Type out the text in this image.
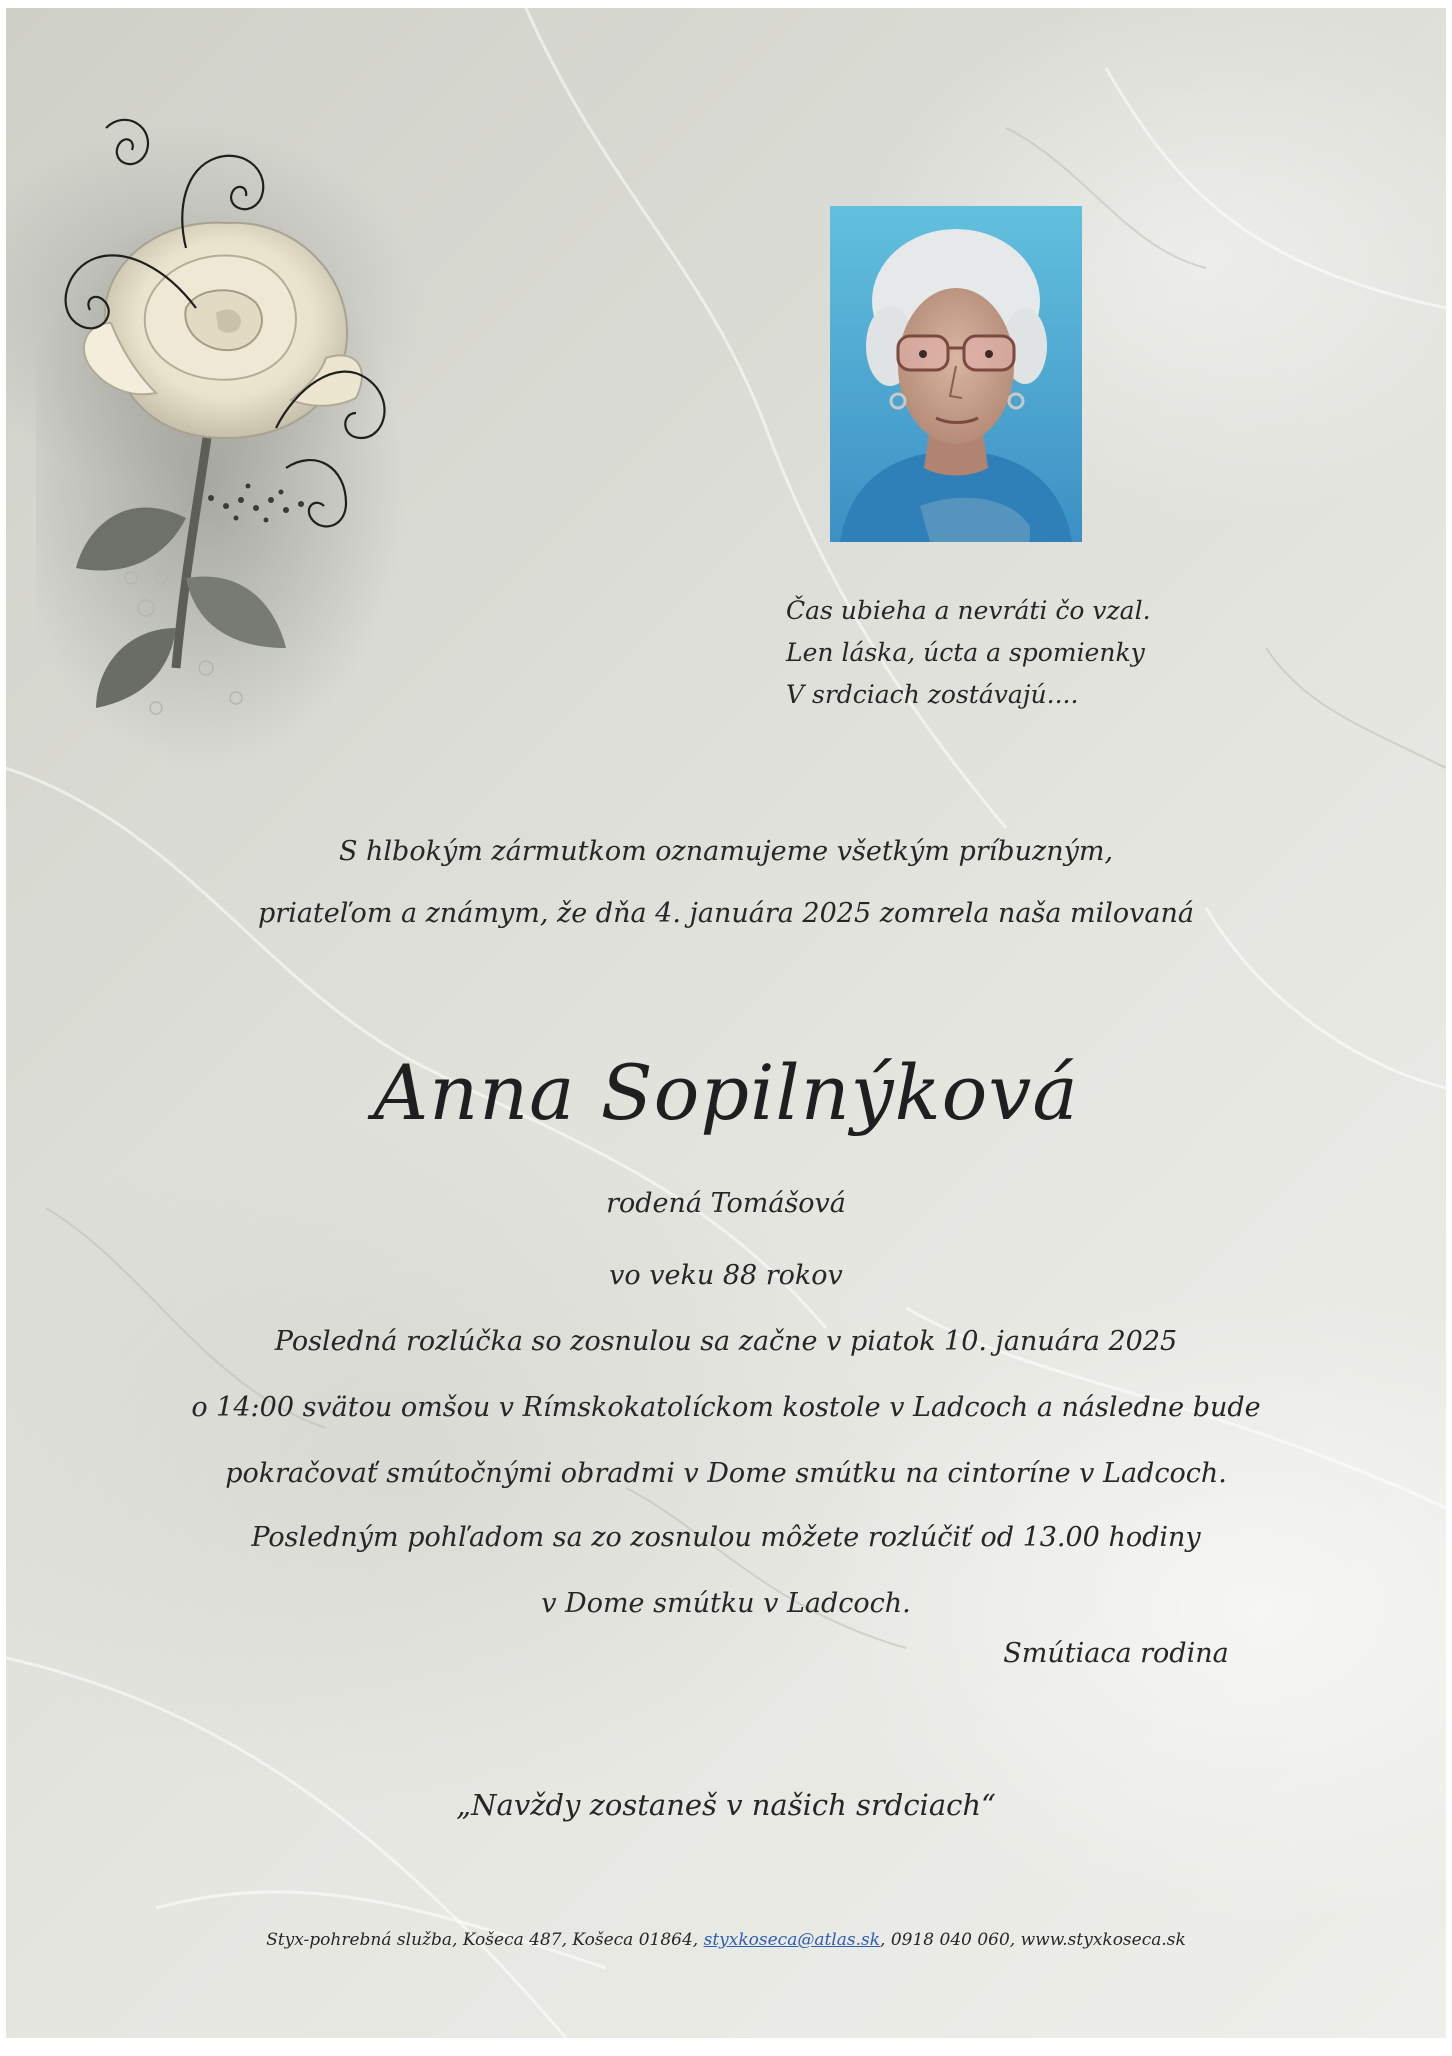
Čas ubieha a nevráti čo vzal.
Len láska, úcta a spomienky
V srdciach zostávajú....
S hlbokým zármutkom oznamujeme všetkým príbuzným,
priateľom a známym, že dňa 4. januára 2025 zomrela naša milovaná
Anna Sopilnýková
rodená Tomášová
vo veku 88 rokov
Posledná rozlúčka so zosnulou sa začne v piatok 10. januára 2025
o 14:00 svätou omšou v Rímskokatolíckom kostole v Ladcoch a následne bude
pokračovať smútočnými obradmi v Dome smútku na cintoríne v Ladcoch.
Posledným pohľadom sa zo zosnulou môžete rozlúčiť od 13.00 hodiny
v Dome smútku v Ladcoch.
Smútiaca rodina
„Navždy zostaneš v našich srdciach“
Styx-pohrebná služba, Košeca 487, Košeca 01864, styxkoseca@atlas.sk, 0918 040 060, www.styxkoseca.sk
